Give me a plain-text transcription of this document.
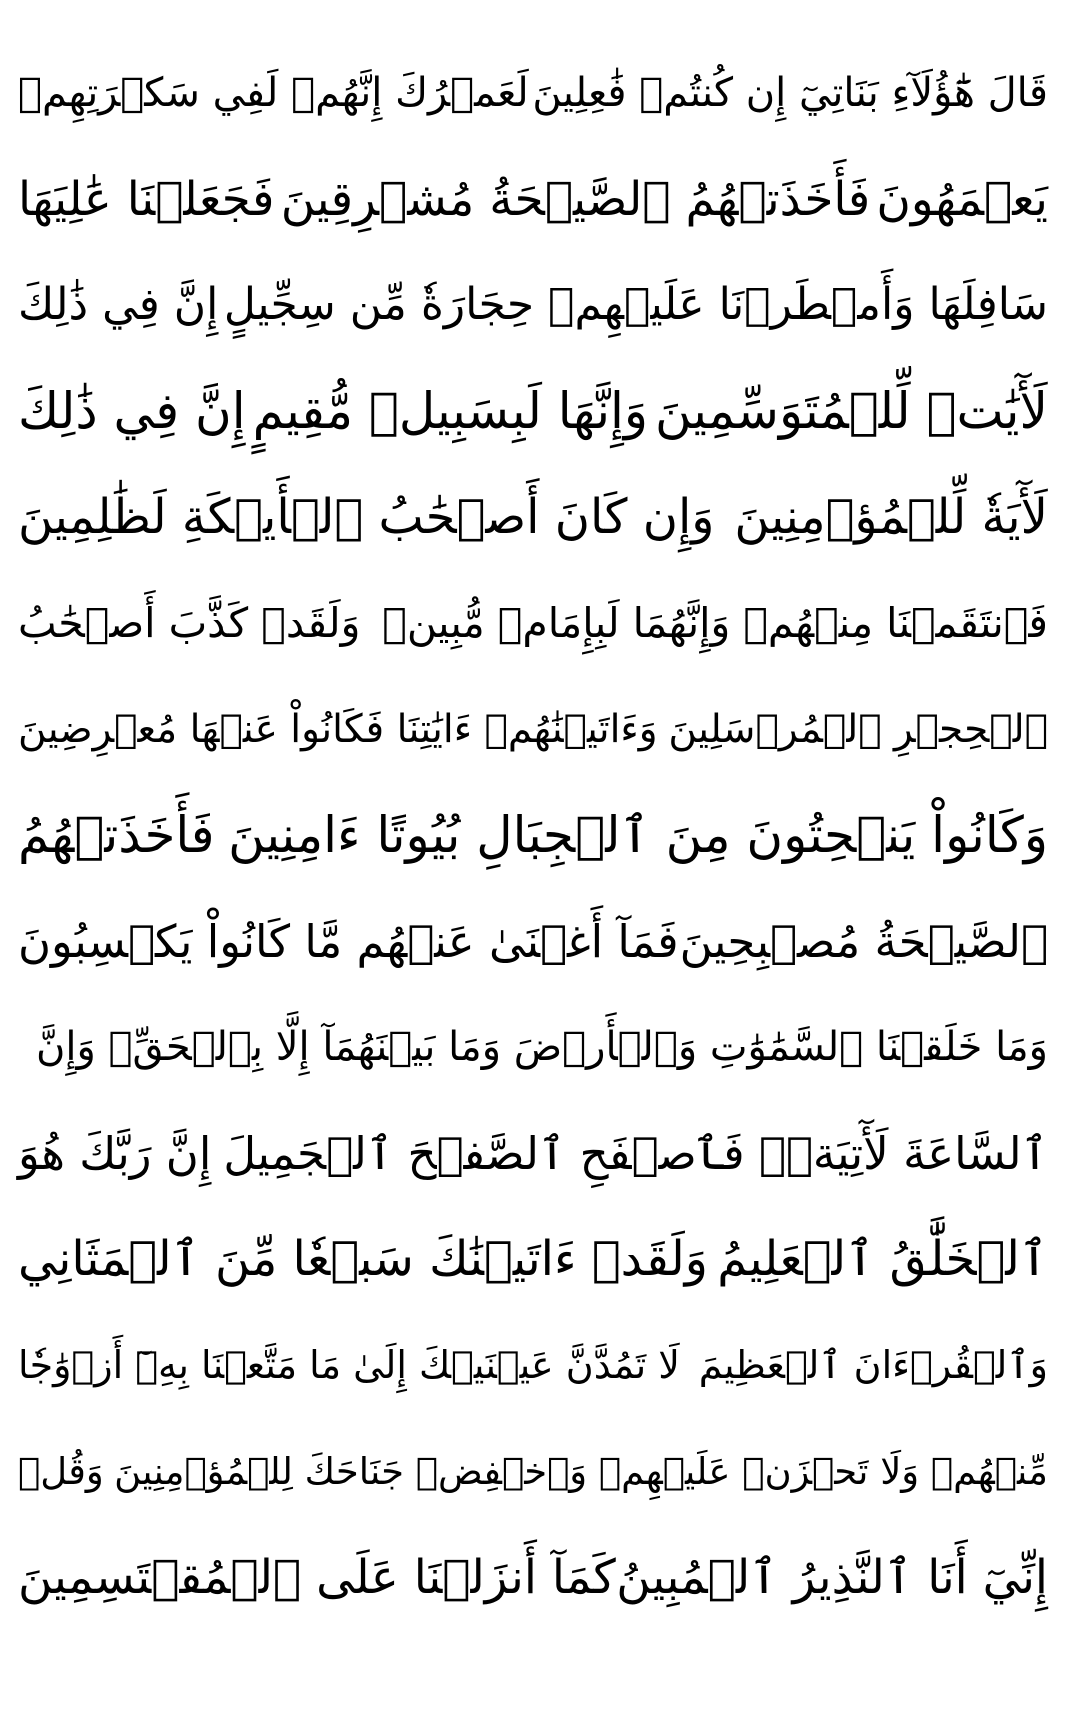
قَالَ هَٰٓؤُلَآءِ بَنَاتِيٓ إِن كُنتُمۡ فَٰعِلِينَ
لَعَمۡرُكَ إِنَّهُمۡ لَفِي سَكۡرَتِهِمۡ
يَعۡمَهُونَ
فَأَخَذَتۡهُمُ ٱلصَّيۡحَةُ مُشۡرِقِينَ
فَجَعَلۡنَا عَٰلِيَهَا
سَافِلَهَا وَأَمۡطَرۡنَا عَلَيۡهِمۡ حِجَارَةٗ مِّن سِجِّيلٍ
إِنَّ فِي ذَٰلِكَ
لَأٓيَٰتٖ لِّلۡمُتَوَسِّمِينَ
وَإِنَّهَا لَبِسَبِيلٖ مُّقِيمٍ
إِنَّ فِي ذَٰلِكَ
لَأٓيَةٗ لِّلۡمُؤۡمِنِينَ
وَإِن كَانَ أَصۡحَٰبُ ٱلۡأَيۡكَةِ لَظَٰلِمِينَ
فَٱنتَقَمۡنَا مِنۡهُمۡ وَإِنَّهُمَا لَبِإِمَامٖ مُّبِينٖ
وَلَقَدۡ كَذَّبَ أَصۡحَٰبُ
ٱلۡحِجۡرِ ٱلۡمُرۡسَلِينَ
وَءَاتَيۡنَٰهُمۡ ءَايَٰتِنَا فَكَانُواْ عَنۡهَا مُعۡرِضِينَ
وَكَانُواْ يَنۡحِتُونَ مِنَ ٱلۡجِبَالِ بُيُوتًا ءَامِنِينَ
فَأَخَذَتۡهُمُ
ٱلصَّيۡحَةُ مُصۡبِحِينَ
فَمَآ أَغۡنَىٰ عَنۡهُم مَّا كَانُواْ يَكۡسِبُونَ
وَمَا خَلَقۡنَا ٱلسَّمَٰوَٰتِ وَٱلۡأَرۡضَ وَمَا بَيۡنَهُمَآ إِلَّا بِٱلۡحَقِّۗ وَإِنَّ
ٱلسَّاعَةَ لَأٓتِيَةٞۖ فَٱصۡفَحِ ٱلصَّفۡحَ ٱلۡجَمِيلَ
إِنَّ رَبَّكَ هُوَ
ٱلۡخَلَّٰقُ ٱلۡعَلِيمُ
وَلَقَدۡ ءَاتَيۡنَٰكَ سَبۡعٗا مِّنَ ٱلۡمَثَانِي
وَٱلۡقُرۡءَانَ ٱلۡعَظِيمَ
لَا تَمُدَّنَّ عَيۡنَيۡكَ إِلَىٰ مَا مَتَّعۡنَا بِهِۦٓ أَزۡوَٰجٗا
مِّنۡهُمۡ وَلَا تَحۡزَنۡ عَلَيۡهِمۡ وَٱخۡفِضۡ جَنَاحَكَ لِلۡمُؤۡمِنِينَ
وَقُلۡ
إِنِّيٓ أَنَا ٱلنَّذِيرُ ٱلۡمُبِينُ
كَمَآ أَنزَلۡنَا عَلَى ٱلۡمُقۡتَسِمِينَ
